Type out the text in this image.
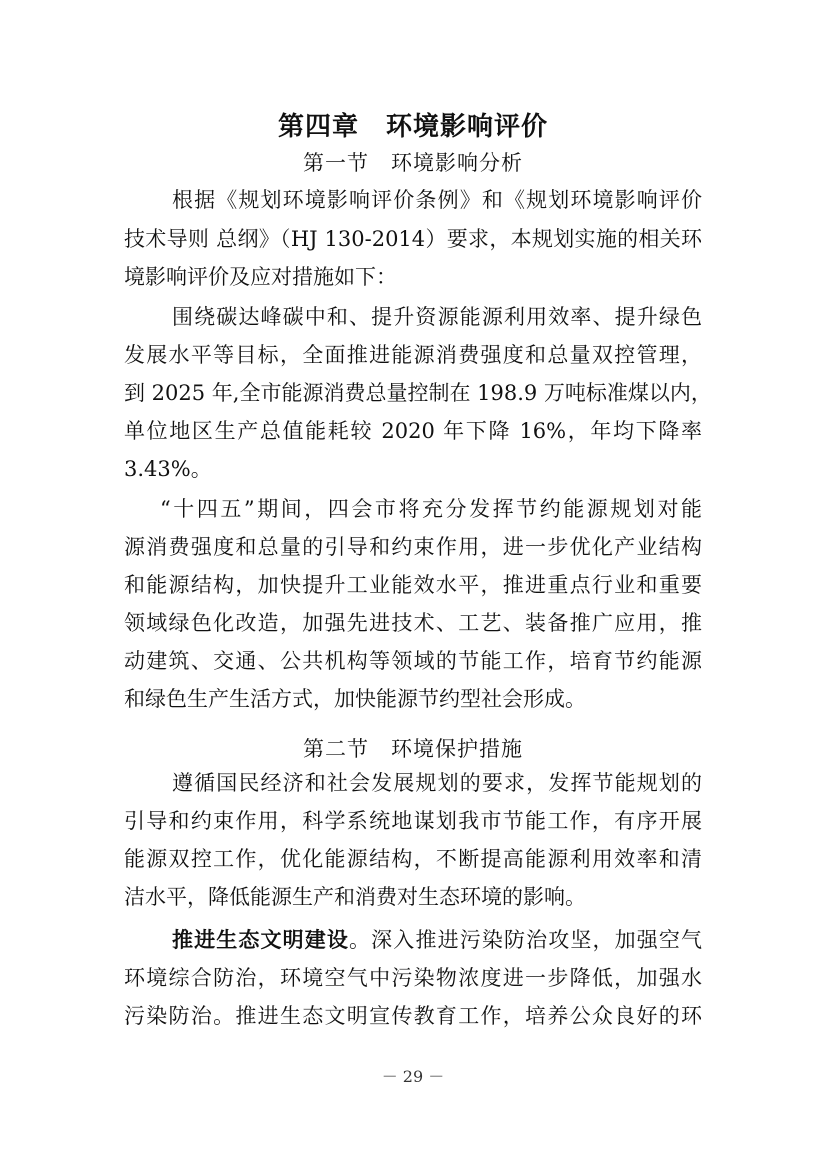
第四章　环境影响评价
第一节　环境影响分析
根据《规划环境影响评价条例》和《规划环境影响评价
技术导则 总纲》（HJ 130-2014）要求，本规划实施的相关环
境影响评价及应对措施如下：
围绕碳达峰碳中和、提升资源能源利用效率、提升绿色
发展水平等目标，全面推进能源消费强度和总量双控管理，
到 2025 年,全市能源消费总量控制在 198.9 万吨标准煤以内，
单位地区生产总值能耗较 2020 年下降 16%，年均下降率
3.43%。
“十四五”期间，四会市将充分发挥节约能源规划对能
源消费强度和总量的引导和约束作用，进一步优化产业结构
和能源结构，加快提升工业能效水平，推进重点行业和重要
领域绿色化改造，加强先进技术、工艺、装备推广应用，推
动建筑、交通、公共机构等领域的节能工作，培育节约能源
和绿色生产生活方式，加快能源节约型社会形成。
第二节　环境保护措施
遵循国民经济和社会发展规划的要求，发挥节能规划的
引导和约束作用，科学系统地谋划我市节能工作，有序开展
能源双控工作，优化能源结构，不断提高能源利用效率和清
洁水平，降低能源生产和消费对生态环境的影响。
推进生态文明建设。深入推进污染防治攻坚，加强空气
环境综合防治，环境空气中污染物浓度进一步降低，加强水
污染防治。推进生态文明宣传教育工作，培养公众良好的环
－ 29 －
